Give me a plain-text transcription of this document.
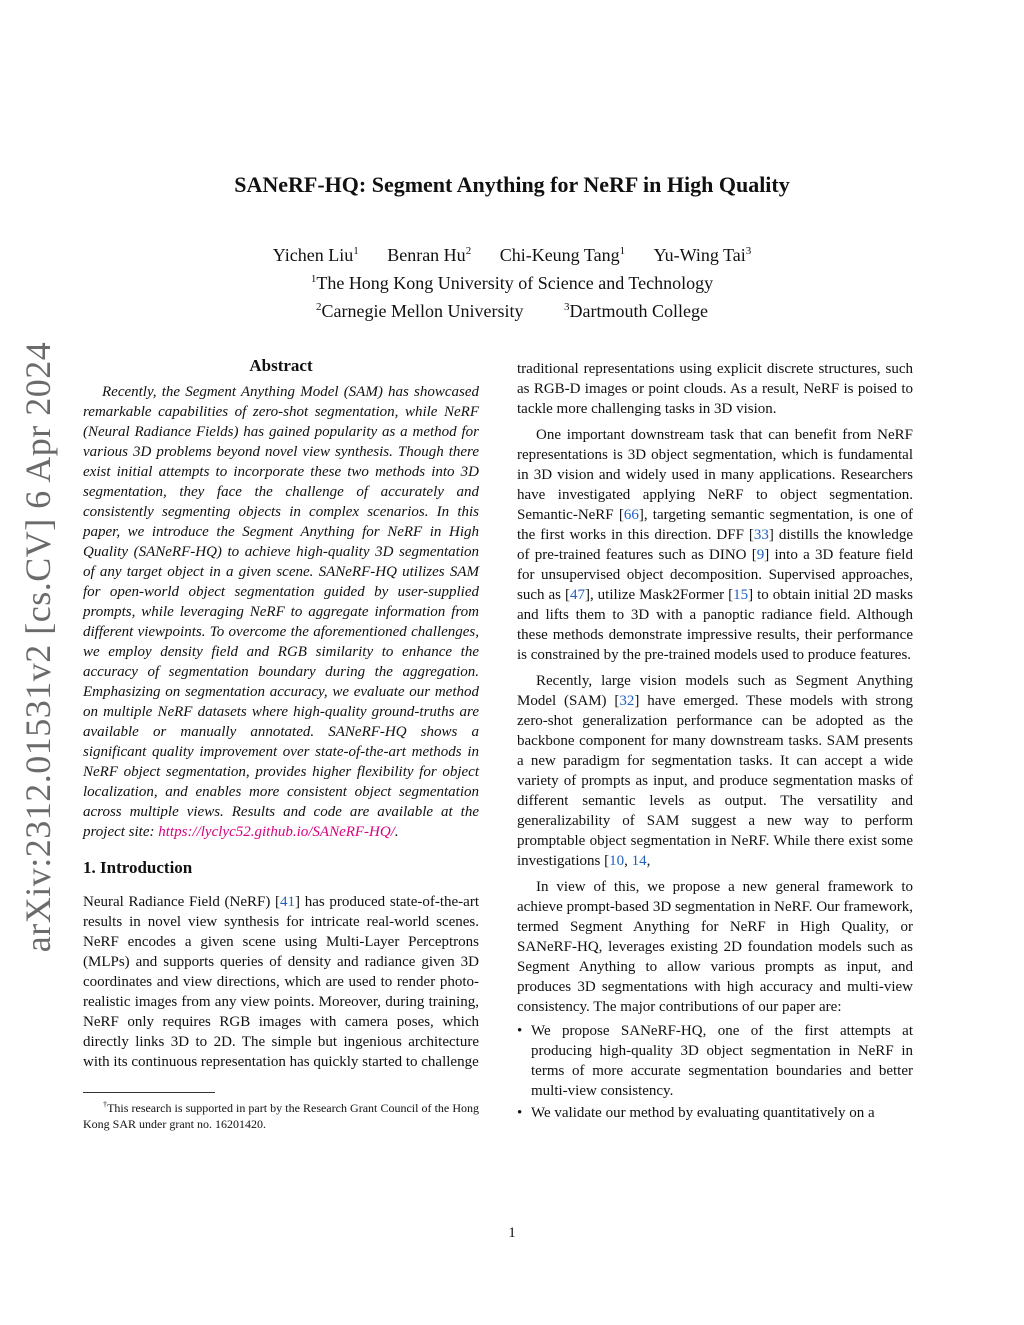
arXiv:2312.01531v2 [cs.CV] 6 Apr 2024
SANeRF-HQ: Segment Anything for NeRF in High Quality
Yichen Liu$^1$ Benran Hu$^2$ Chi-Keung Tang$^1$ Yu-Wing Tai$^3$
$^1$The Hong Kong University of Science and Technology
$^2$Carnegie Mellon University	$^3$Dartmouth College
Abstract

Recently, the Segment Anything Model (SAM) has showcased remarkable capabilities of zero-shot segmentation, while NeRF (Neural Radiance Fields) has gained popularity as a method for various 3D problems beyond novel view synthesis. Though there exist initial attempts to incorporate these two methods into 3D segmentation, they face the challenge of accurately and consistently segmenting objects in complex scenarios. In this paper, we introduce the Segment Anything for NeRF in High Quality (SANeRF-HQ) to achieve high-quality 3D segmentation of any target object in a given scene. SANeRF-HQ utilizes SAM for open-world object segmentation guided by user-supplied prompts, while leveraging NeRF to aggregate information from different viewpoints. To overcome the aforementioned challenges, we employ density field and RGB similarity to enhance the accuracy of segmentation boundary during the aggregation. Emphasizing on segmentation accuracy, we evaluate our method on multiple NeRF datasets where high-quality ground-truths are available or manually annotated. SANeRF-HQ shows a significant quality improvement over state-of-the-art methods in NeRF object segmentation, provides higher flexibility for object localization, and enables more consistent object segmentation across multiple views. Results and code are available at the project site: https://lyclyc52.github.io/SANeRF-HQ/.

1. Introduction

Neural Radiance Field (NeRF) [41] has produced state-of-the-art results in novel view synthesis for intricate real-world scenes. NeRF encodes a given scene using Multi-Layer Perceptrons (MLPs) and supports queries of density and radiance given 3D coordinates and view directions, which are used to render photo-realistic images from any view points. Moreover, during training, NeRF only requires RGB images with camera poses, which directly links 3D to 2D. The simple but ingenious architecture with its continuous representation has quickly started to challenge

†This research is supported in part by the Research Grant Council of the Hong Kong SAR under grant no. 16201420.

traditional representations using explicit discrete structures, such as RGB-D images or point clouds. As a result, NeRF is poised to tackle more challenging tasks in 3D vision.

One important downstream task that can benefit from NeRF representations is 3D object segmentation, which is fundamental in 3D vision and widely used in many applications. Researchers have investigated applying NeRF to object segmentation. Semantic-NeRF [66], targeting semantic segmentation, is one of the first works in this direction. DFF [33] distills the knowledge of pre-trained features such as DINO [9] into a 3D feature field for unsupervised object decomposition. Supervised approaches, such as [47], utilize Mask2Former [15] to obtain initial 2D masks and lifts them to 3D with a panoptic radiance field. Although these methods demonstrate impressive results, their performance is constrained by the pre-trained models used to produce features.

Recently, large vision models such as Segment Anything Model (SAM) [32] have emerged. These models with strong zero-shot generalization performance can be adopted as the backbone component for many downstream tasks. SAM presents a new paradigm for segmentation tasks. It can accept a wide variety of prompts as input, and produce segmentation masks of different semantic levels as output. The versatility and generalizability of SAM suggest a new way to perform promptable object segmentation in NeRF. While there exist some investigations [10, 14,

In view of this, we propose a new general framework to achieve prompt-based 3D segmentation in NeRF. Our framework, termed Segment Anything for NeRF in High Quality, or SANeRF-HQ, leverages existing 2D foundation models such as Segment Anything to allow various prompts as input, and produces 3D segmentations with high accuracy and multi-view consistency. The major contributions of our paper are:

• We propose SANeRF-HQ, one of the first attempts at producing high-quality 3D object segmentation in NeRF in terms of more accurate segmentation boundaries and better multi-view consistency.
• We validate our method by evaluating quantitatively on a
1
